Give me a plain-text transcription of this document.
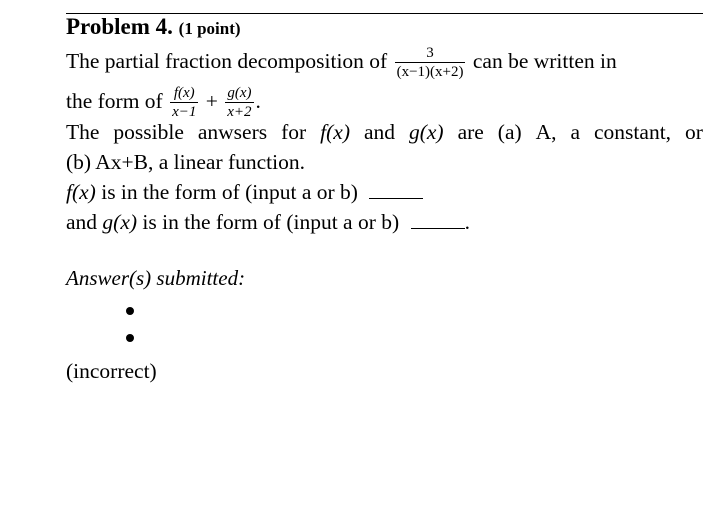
Problem 4. (1 point)
The partial fraction decomposition of $\frac{3}{(x-1)(x+2)}$ can be written in
the form of $\frac{f(x)}{x-1} + \frac{g(x)}{x+2}$ .
The possible anwsers for f(x) and g(x) are (a) A, a constant, or
(b) Ax+B, a linear function.
f(x) is in the form of (input a or b)
and g(x) is in the form of (input a or b)	.
Answer(s) submitted:
(incorrect)
